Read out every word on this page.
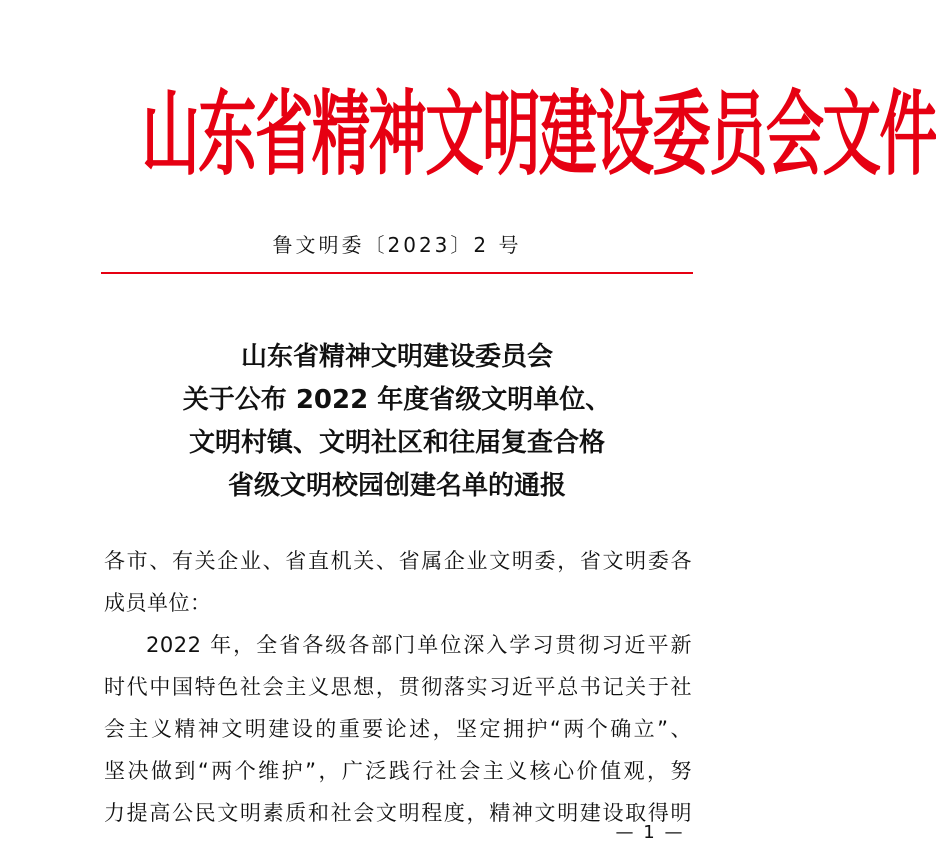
山东省精神文明建设委员会文件
鲁文明委〔2023〕2 号
山东省精神文明建设委员会
关于公布 2022 年度省级文明单位、
文明村镇、文明社区和往届复查合格
省级文明校园创建名单的通报
各市、有关企业、省直机关、省属企业文明委，省文明委各
成员单位：
2022 年，全省各级各部门单位深入学习贯彻习近平新
时代中国特色社会主义思想，贯彻落实习近平总书记关于社
会主义精神文明建设的重要论述，坚定拥护“两个确立”、
坚决做到“两个维护”，广泛践行社会主义核心价值观，努
力提高公民文明素质和社会文明程度，精神文明建设取得明
— 1 —
